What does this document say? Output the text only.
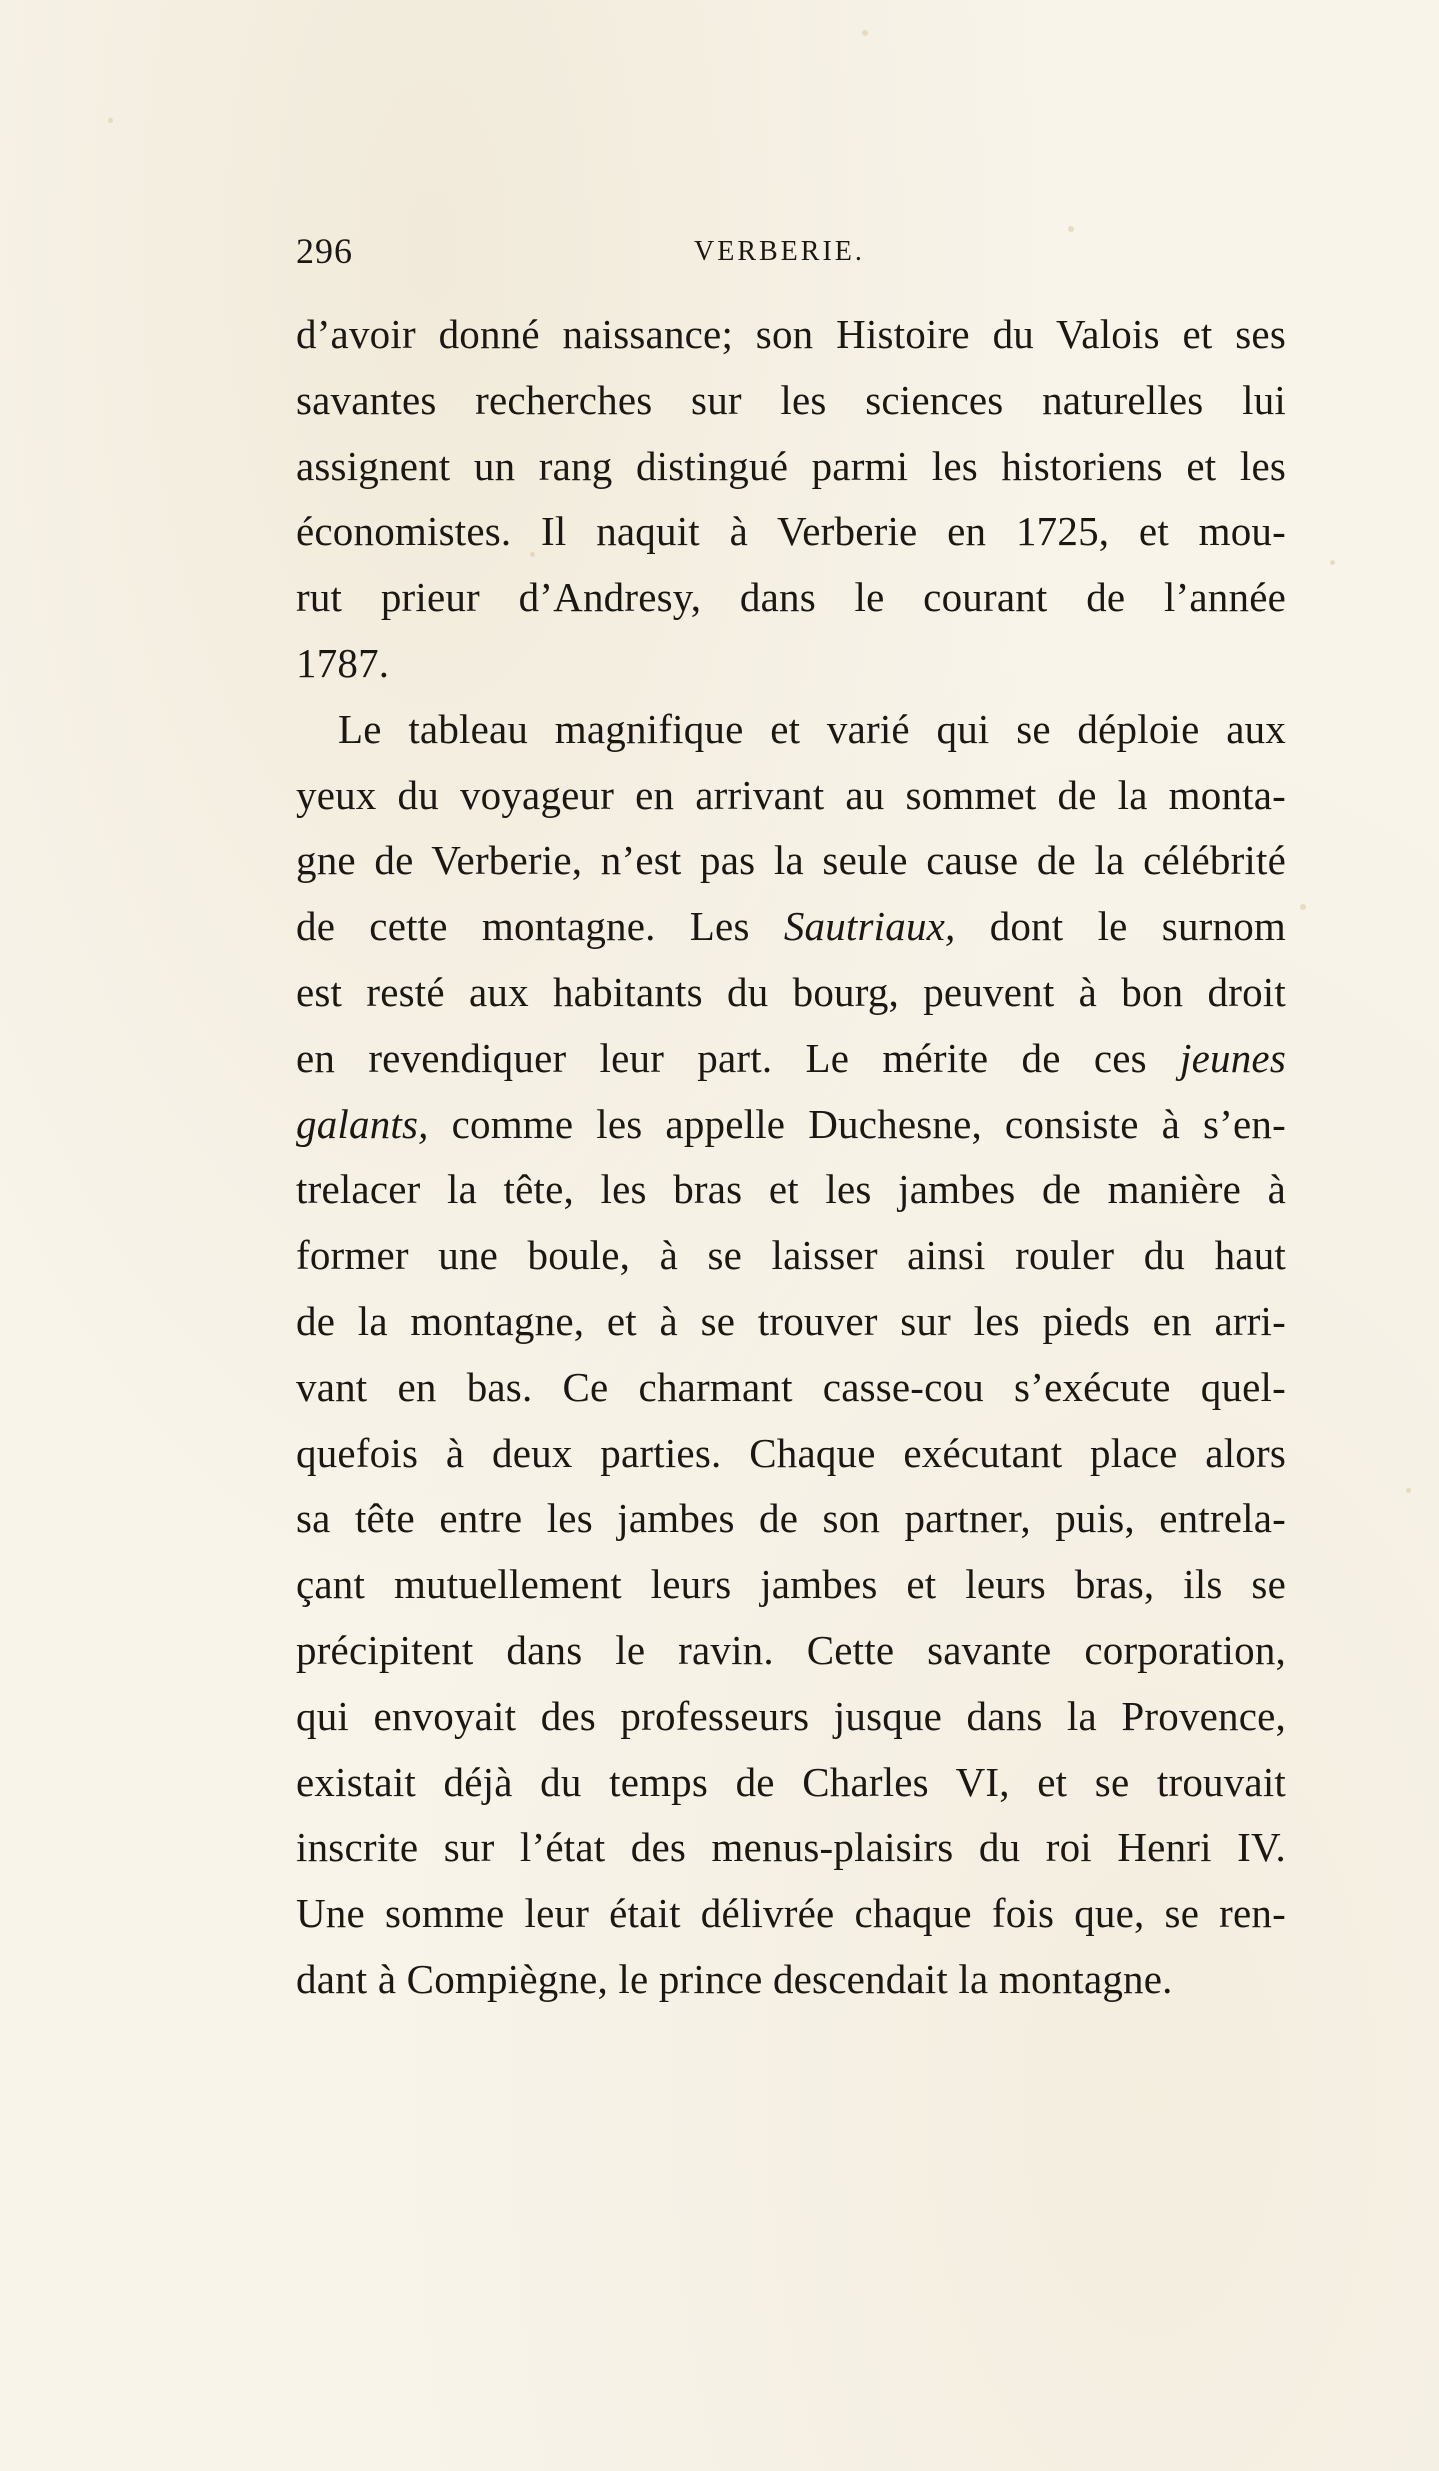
296	VERBERIE.
d’avoir donné naissance; son Histoire du Valois et ses
savantes recherches sur les sciences naturelles lui
assignent un rang distingué parmi les historiens et les
économistes. Il naquit à Verberie en 1725, et mou-
rut prieur d’Andresy, dans le courant de l’année
1787.
Le tableau magnifique et varié qui se déploie aux
yeux du voyageur en arrivant au sommet de la monta-
gne de Verberie, n’est pas la seule cause de la célébrité
de cette montagne. Les Sautriaux, dont le surnom
est resté aux habitants du bourg, peuvent à bon droit
en revendiquer leur part. Le mérite de ces jeunes
galants, comme les appelle Duchesne, consiste à s’en-
trelacer la tête, les bras et les jambes de manière à
former une boule, à se laisser ainsi rouler du haut
de la montagne, et à se trouver sur les pieds en arri-
vant en bas. Ce charmant casse-cou s’exécute quel-
quefois à deux parties. Chaque exécutant place alors
sa tête entre les jambes de son partner, puis, entrela-
çant mutuellement leurs jambes et leurs bras, ils se
précipitent dans le ravin. Cette savante corporation,
qui envoyait des professeurs jusque dans la Provence,
existait déjà du temps de Charles VI, et se trouvait
inscrite sur l’état des menus-plaisirs du roi Henri IV.
Une somme leur était délivrée chaque fois que, se ren-
dant à Compiègne, le prince descendait la montagne.
